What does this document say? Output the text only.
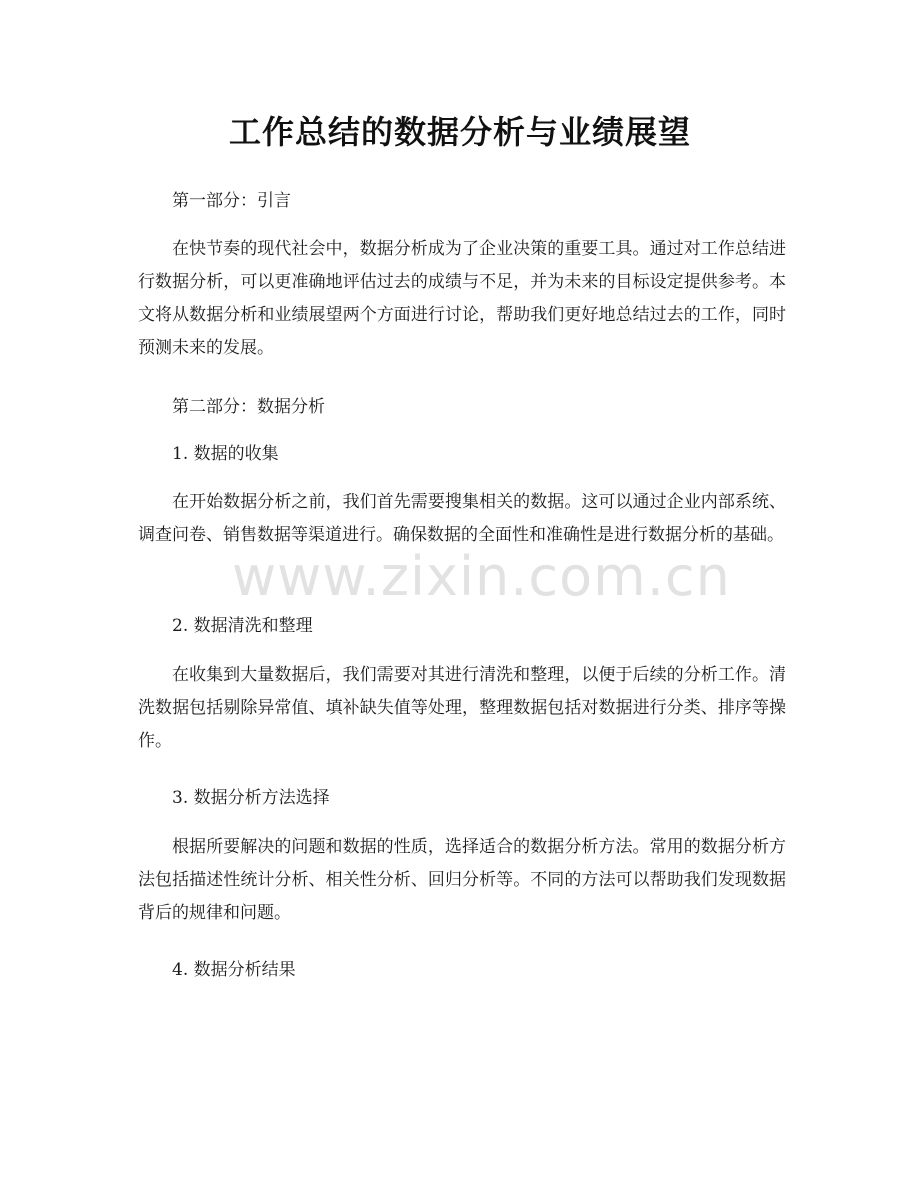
工作总结的数据分析与业绩展望

第一部分：引言

在快节奏的现代社会中，数据分析成为了企业决策的重要工具。通过对工作总结进行数据分析，可以更准确地评估过去的成绩与不足，并为未来的目标设定提供参考。本文将从数据分析和业绩展望两个方面进行讨论，帮助我们更好地总结过去的工作，同时预测未来的发展。

第二部分：数据分析

1. 数据的收集

在开始数据分析之前，我们首先需要搜集相关的数据。这可以通过企业内部系统、调查问卷、销售数据等渠道进行。确保数据的全面性和准确性是进行数据分析的基础。

2. 数据清洗和整理

在收集到大量数据后，我们需要对其进行清洗和整理，以便于后续的分析工作。清洗数据包括剔除异常值、填补缺失值等处理，整理数据包括对数据进行分类、排序等操作。

3. 数据分析方法选择

根据所要解决的问题和数据的性质，选择适合的数据分析方法。常用的数据分析方法包括描述性统计分析、相关性分析、回归分析等。不同的方法可以帮助我们发现数据背后的规律和问题。

4. 数据分析结果

www.zixin.com.cn
